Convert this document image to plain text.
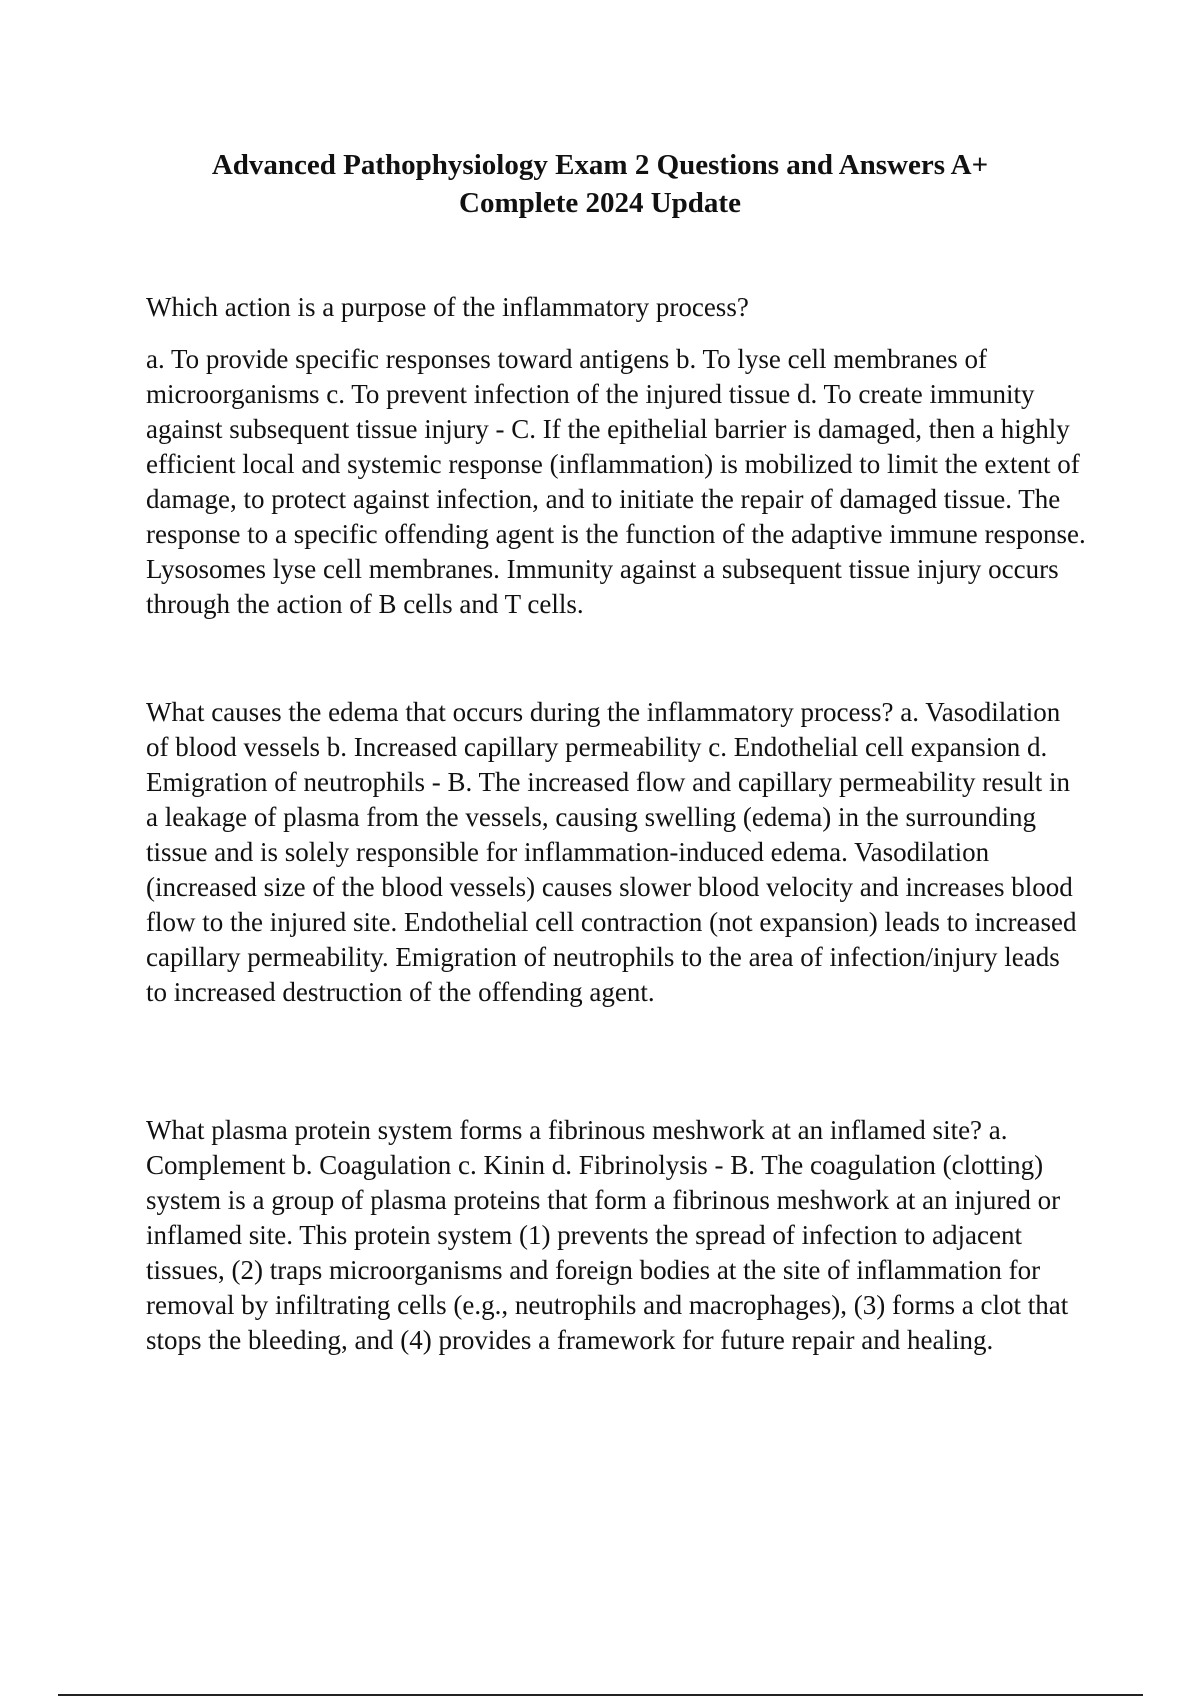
Advanced Pathophysiology Exam 2 Questions and Answers A+ Complete 2024 Update

Which action is a purpose of the inflammatory process?

a. To provide specific responses toward antigens b. To lyse cell membranes of microorganisms c. To prevent infection of the injured tissue d. To create immunity against subsequent tissue injury - C. If the epithelial barrier is damaged, then a highly efficient local and systemic response (inflammation) is mobilized to limit the extent of damage, to protect against infection, and to initiate the repair of damaged tissue. The response to a specific offending agent is the function of the adaptive immune response. Lysosomes lyse cell membranes. Immunity against a subsequent tissue injury occurs through the action of B cells and T cells.

What causes the edema that occurs during the inflammatory process? a. Vasodilation of blood vessels b. Increased capillary permeability c. Endothelial cell expansion d. Emigration of neutrophils - B. The increased flow and capillary permeability result in a leakage of plasma from the vessels, causing swelling (edema) in the surrounding tissue and is solely responsible for inflammation-induced edema. Vasodilation (increased size of the blood vessels) causes slower blood velocity and increases blood flow to the injured site. Endothelial cell contraction (not expansion) leads to increased capillary permeability. Emigration of neutrophils to the area of infection/injury leads to increased destruction of the offending agent.

What plasma protein system forms a fibrinous meshwork at an inflamed site? a. Complement b. Coagulation c. Kinin d. Fibrinolysis - B. The coagulation (clotting) system is a group of plasma proteins that form a fibrinous meshwork at an injured or inflamed site. This protein system (1) prevents the spread of infection to adjacent tissues, (2) traps microorganisms and foreign bodies at the site of inflammation for removal by infiltrating cells (e.g., neutrophils and macrophages), (3) forms a clot that stops the bleeding, and (4) provides a framework for future repair and healing.
